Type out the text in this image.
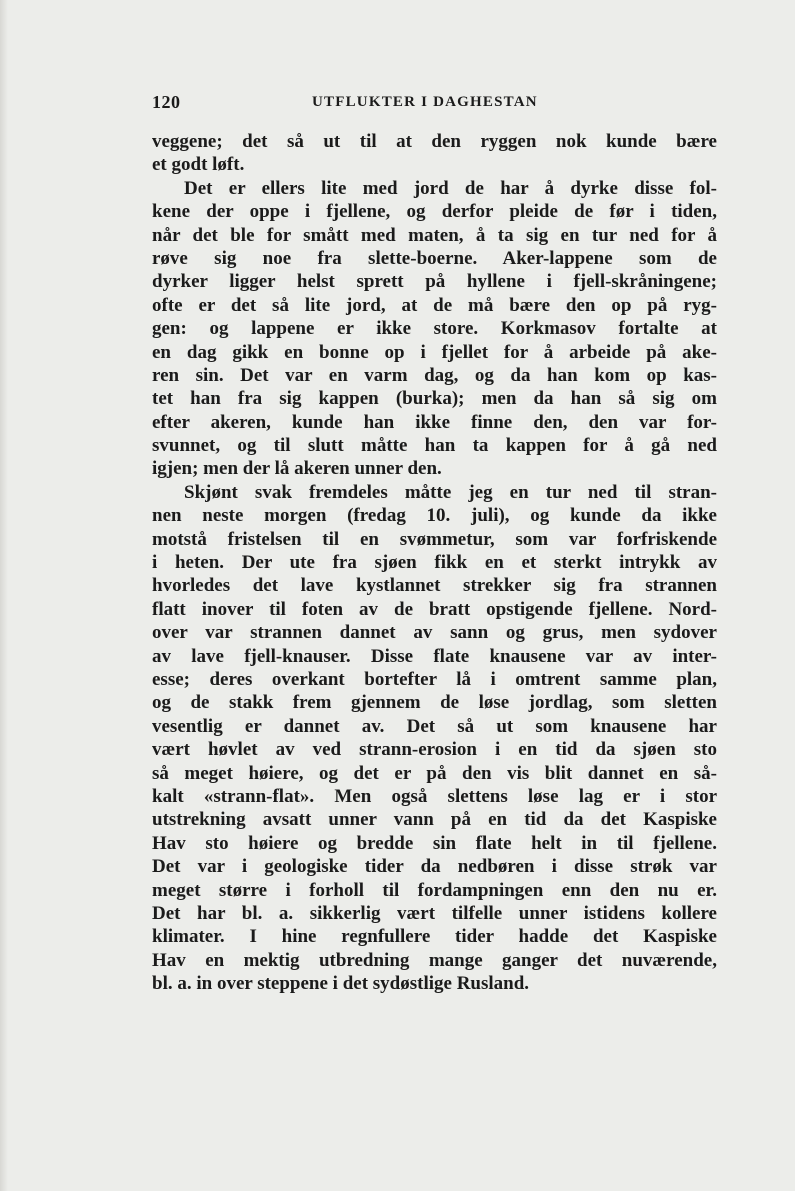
120	UTFLUKTER I DAGHESTAN
veggene; det så ut til at den ryggen nok kunde bære
et godt løft.
Det er ellers lite med jord de har å dyrke disse fol-
kene der oppe i fjellene, og derfor pleide de før i tiden,
når det ble for smått med maten, å ta sig en tur ned for å
røve sig noe fra slette-boerne. Aker-lappene som de
dyrker ligger helst sprett på hyllene i fjell-skråningene;
ofte er det så lite jord, at de må bære den op på ryg-
gen: og lappene er ikke store. Korkmasov fortalte at
en dag gikk en bonne op i fjellet for å arbeide på ake-
ren sin. Det var en varm dag, og da han kom op kas-
tet han fra sig kappen (burka); men da han så sig om
efter akeren, kunde han ikke finne den, den var for-
svunnet, og til slutt måtte han ta kappen for å gå ned
igjen; men der lå akeren unner den.
Skjønt svak fremdeles måtte jeg en tur ned til stran-
nen neste morgen (fredag 10. juli), og kunde da ikke
motstå fristelsen til en svømmetur, som var forfriskende
i heten. Der ute fra sjøen fikk en et sterkt intrykk av
hvorledes det lave kystlannet strekker sig fra strannen
flatt inover til foten av de bratt opstigende fjellene. Nord-
over var strannen dannet av sann og grus, men sydover
av lave fjell-knauser. Disse flate knausene var av inter-
esse; deres overkant bortefter lå i omtrent samme plan,
og de stakk frem gjennem de løse jordlag, som sletten
vesentlig er dannet av. Det så ut som knausene har
vært høvlet av ved strann-erosion i en tid da sjøen sto
så meget høiere, og det er på den vis blit dannet en så-
kalt «strann-flat». Men også slettens løse lag er i stor
utstrekning avsatt unner vann på en tid da det Kaspiske
Hav sto høiere og bredde sin flate helt in til fjellene.
Det var i geologiske tider da nedbøren i disse strøk var
meget større i forholl til fordampningen enn den nu er.
Det har bl. a. sikkerlig vært tilfelle unner istidens kollere
klimater. I hine regnfullere tider hadde det Kaspiske
Hav en mektig utbredning mange ganger det nuværende,
bl. a. in over steppene i det sydøstlige Rusland.
